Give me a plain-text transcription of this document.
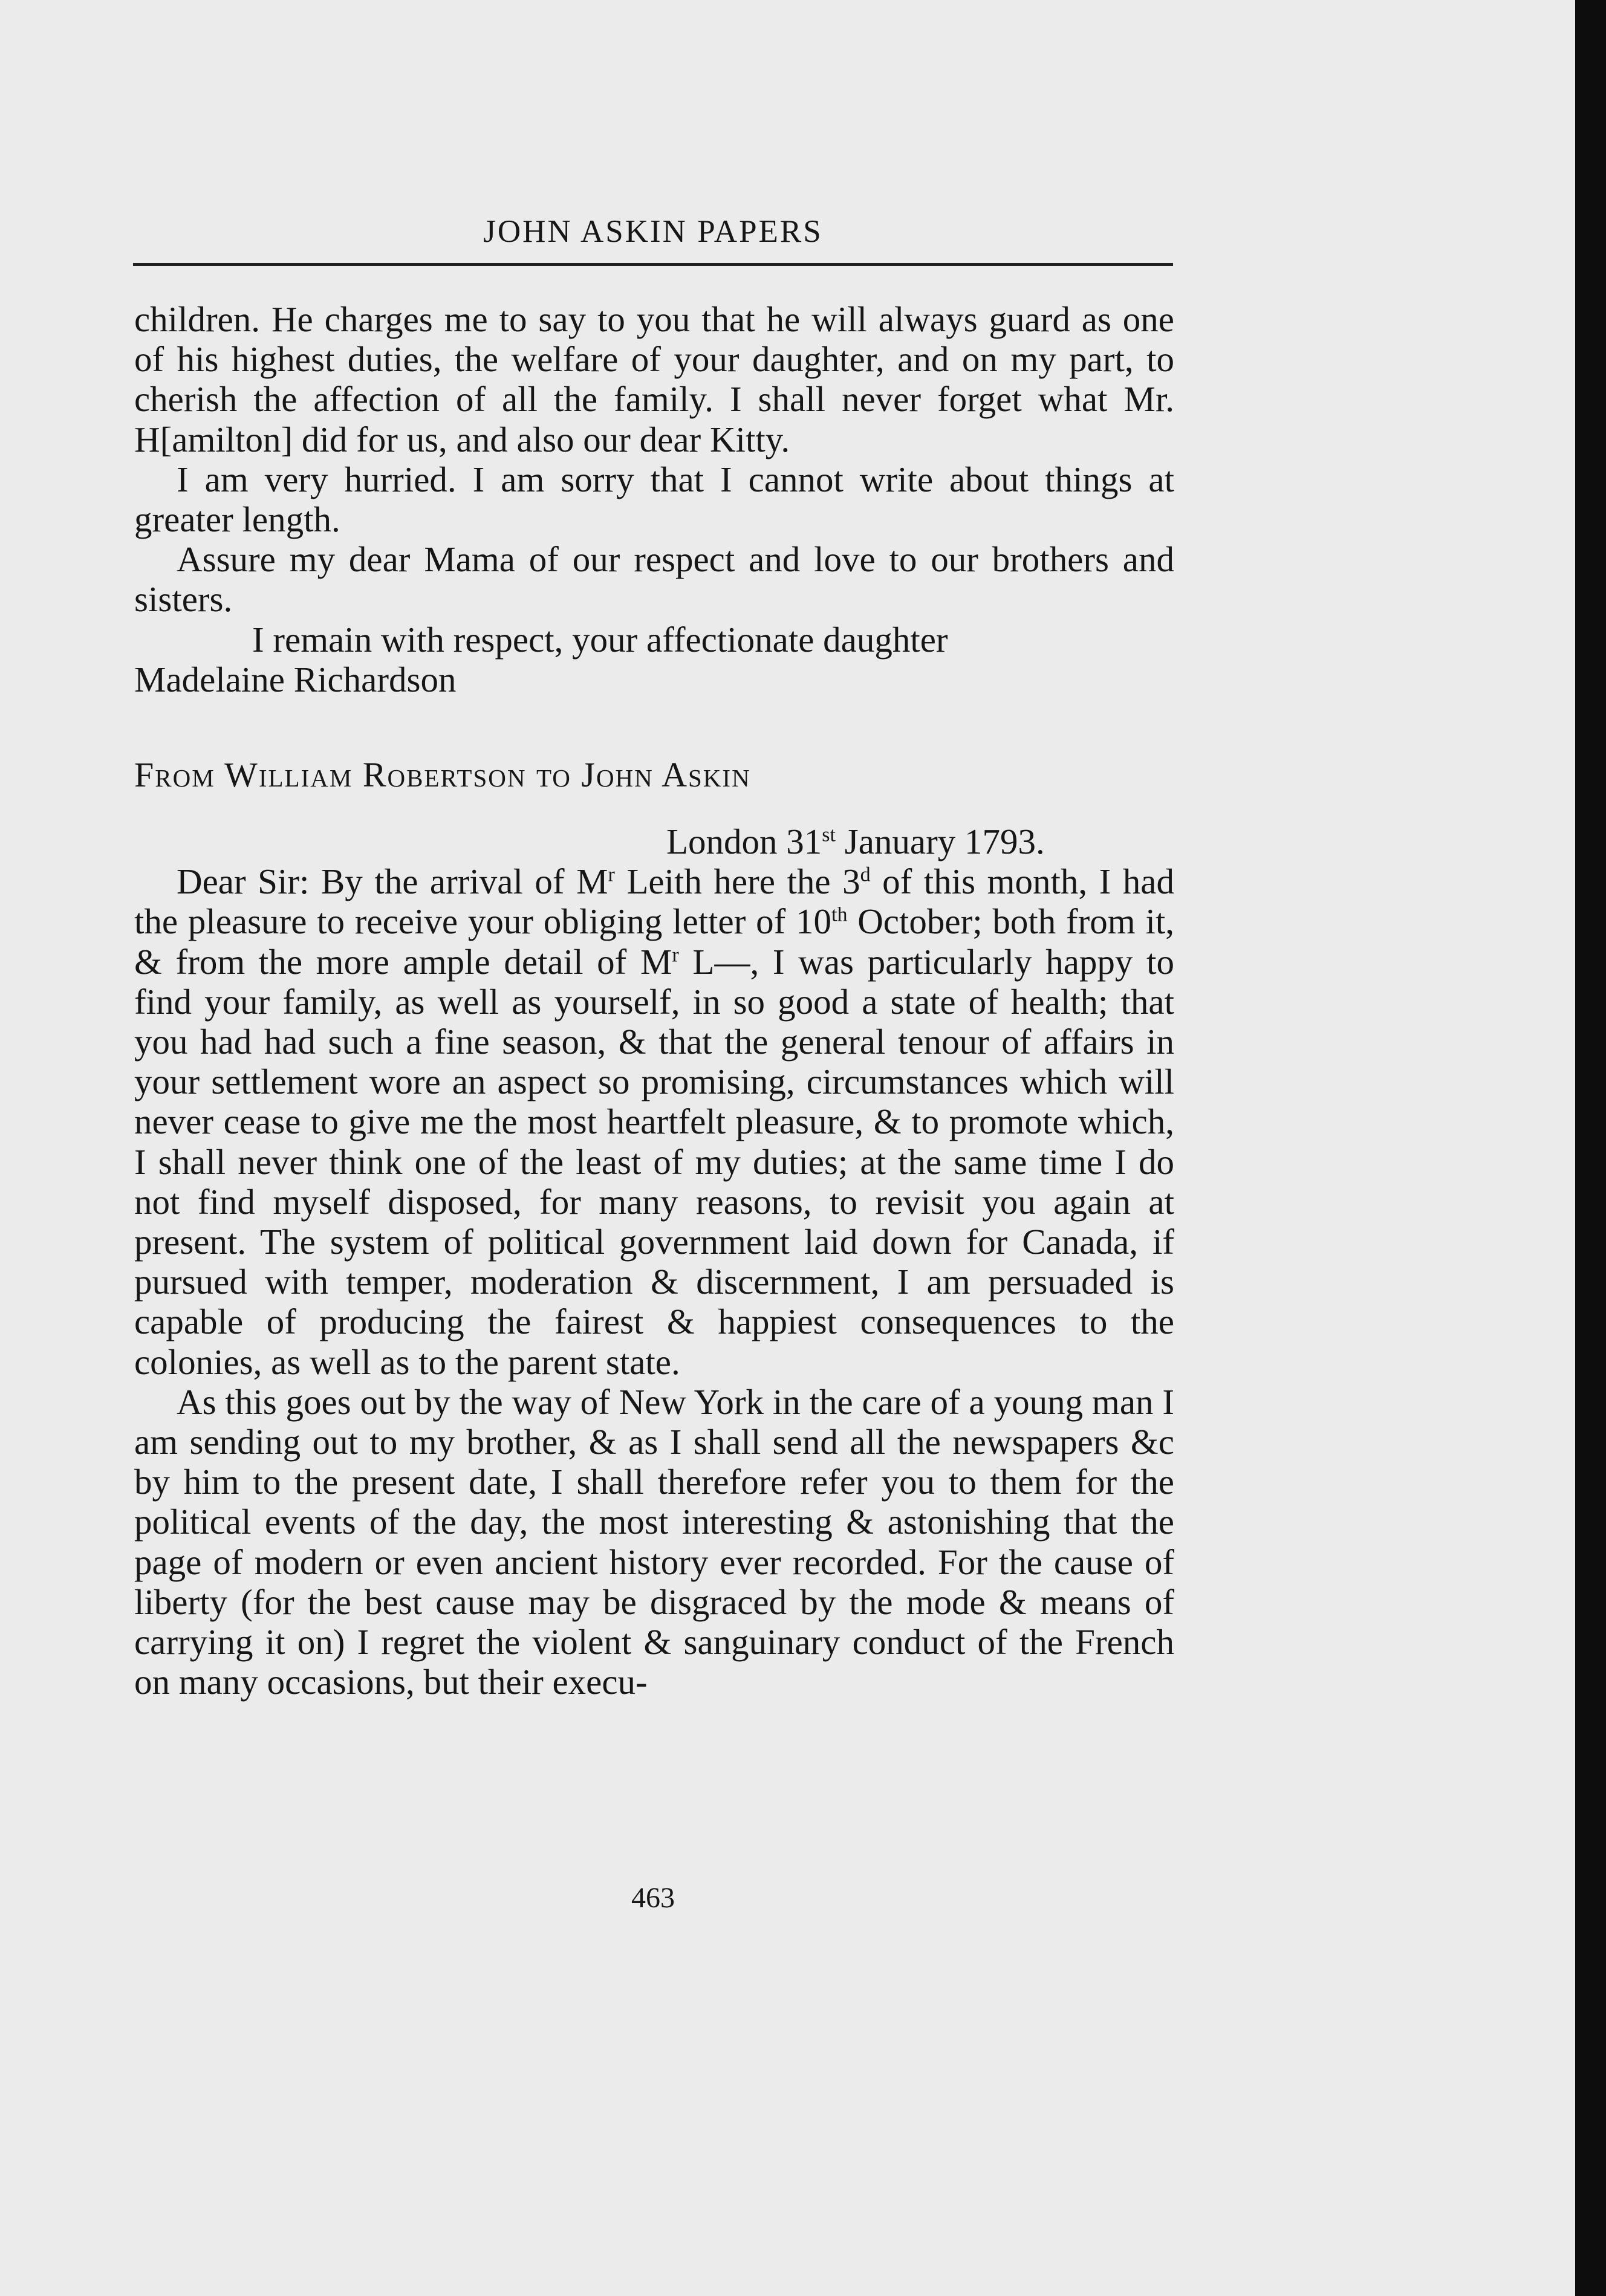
JOHN ASKIN PAPERS

children. He charges me to say to you that he will always guard as one of his highest duties, the welfare of your daughter, and on my part, to cherish the affection of all the family. I shall never forget what Mr. H[amilton] did for us, and also our dear Kitty.

I am very hurried. I am sorry that I cannot write about things at greater length.

Assure my dear Mama of our respect and love to our brothers and sisters.

I remain with respect, your affectionate daughter

Madelaine Richardson

From William Robertson to John Askin

London 31st January 1793.

Dear Sir: By the arrival of $M^r$ Leith here the 3$^d$ of this month, I had the pleasure to receive your obliging letter of 10th October; both from it, & from the more ample detail of $M^r$ L—, I was particularly happy to find your family, as well as yourself, in so good a state of health; that you had had such a fine season, & that the general tenour of affairs in your settlement wore an aspect so promising, circumstances which will never cease to give me the most heartfelt pleasure, & to promote which, I shall never think one of the least of my duties; at the same time I do not find myself disposed, for many reasons, to revisit you again at present. The system of political government laid down for Canada, if pursued with temper, moderation & discernment, I am persuaded is capable of producing the fairest & happiest consequences to the colonies, as well as to the parent state.

As this goes out by the way of New York in the care of a young man I am sending out to my brother, & as I shall send all the newspapers &c by him to the present date, I shall therefore refer you to them for the political events of the day, the most interesting & astonishing that the page of modern or even ancient history ever recorded. For the cause of liberty (for the best cause may be disgraced by the mode & means of carrying it on) I regret the violent & sanguinary conduct of the French on many occasions, but their execu-

463
